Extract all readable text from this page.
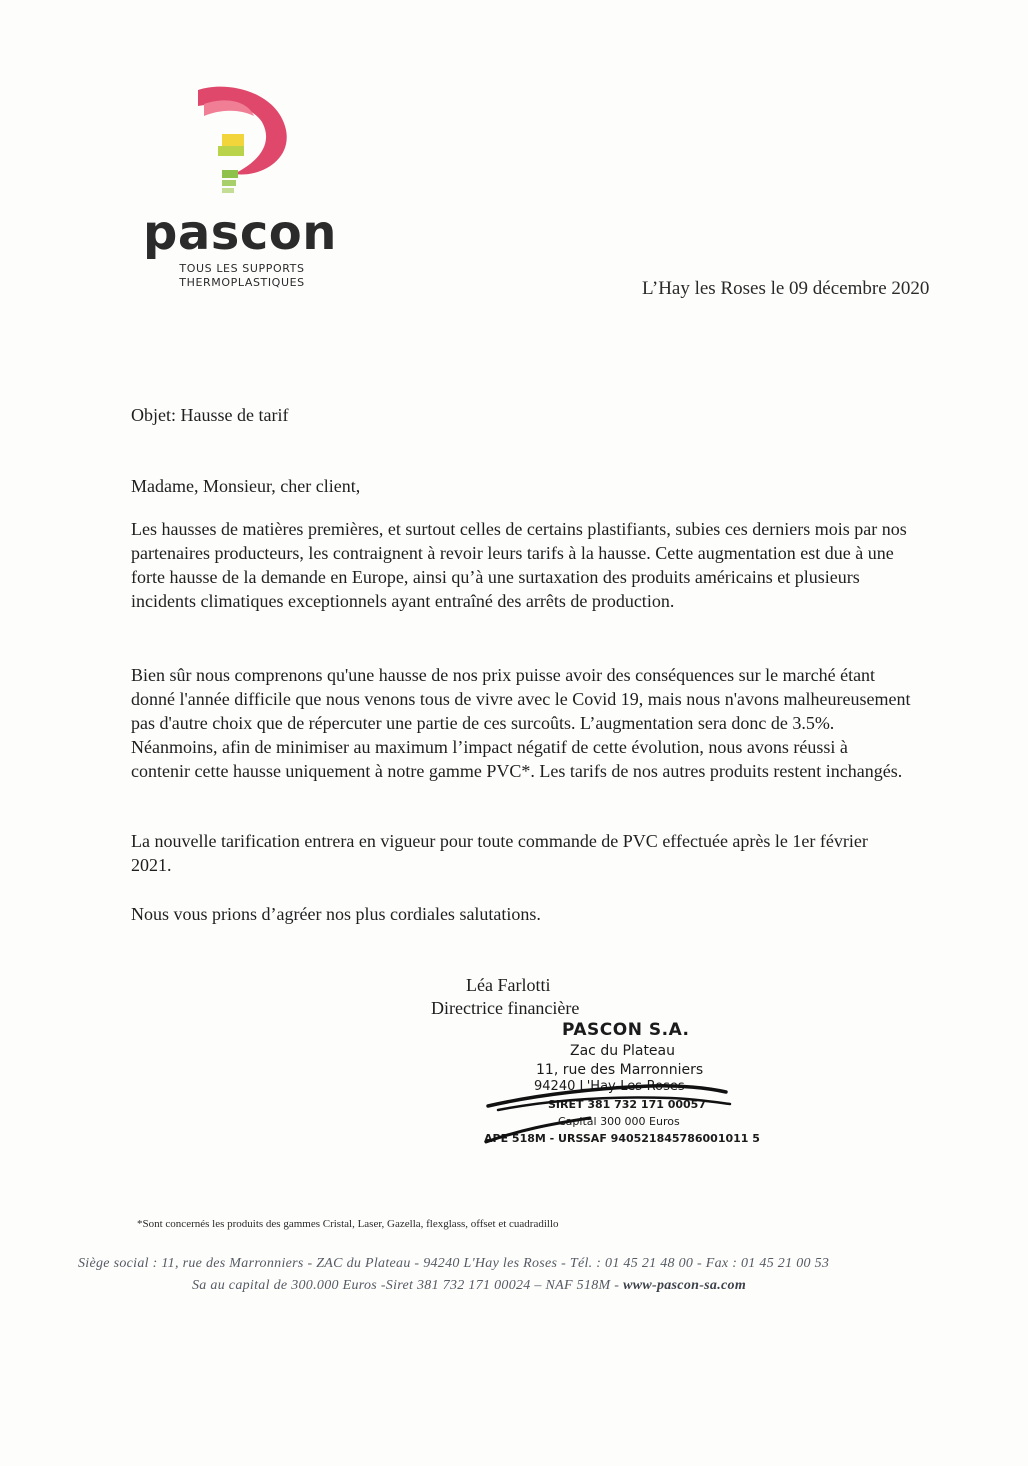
pascon
TOUS LES SUPPORTS
THERMOPLASTIQUES	L’Hay les Roses le 09 décembre 2020
Objet: Hausse de tarif
Madame, Monsieur, cher client,
Les hausses de matières premières, et surtout celles de certains plastifiants, subies ces derniers mois par nos partenaires producteurs, les contraignent à revoir leurs tarifs à la hausse. Cette augmentation est due à une forte hausse de la demande en Europe, ainsi qu’à une surtaxation des produits américains et plusieurs incidents climatiques exceptionnels ayant entraîné des arrêts de production.
Bien sûr nous comprenons qu'une hausse de nos prix puisse avoir des conséquences sur le marché étant donné l'année difficile que nous venons tous de vivre avec le Covid 19, mais nous n'avons malheureusement pas d'autre choix que de répercuter une partie de ces surcoûts. L’augmentation sera donc de 3.5%. Néanmoins, afin de minimiser au maximum l’impact négatif de cette évolution, nous avons réussi à contenir cette hausse uniquement à notre gamme PVC*. Les tarifs de nos autres produits restent inchangés.
La nouvelle tarification entrera en vigueur pour toute commande de PVC effectuée après le 1er février 2021.
Nous vous prions d’agréer nos plus cordiales salutations.
Léa Farlotti
Directrice financière
PASCON S.A.
Zac du Plateau
11, rue des Marronniers
94240 L'Hay-Les-Roses
SIRET 381 732 171 00057
Capital 300 000 Euros
APE 518M - URSSAF 940521845786001011 5
*Sont concernés les produits des gammes Cristal, Laser, Gazella, flexglass, offset et cuadradillo
Siège social : 11, rue des Marronniers - ZAC du Plateau - 94240 L'Hay les Roses - Tél. : 01 45 21 48 00 - Fax : 01 45 21 00 53
Sa au capital de 300.000 Euros -Siret 381 732 171 00024 – NAF 518M - www-pascon-sa.com
